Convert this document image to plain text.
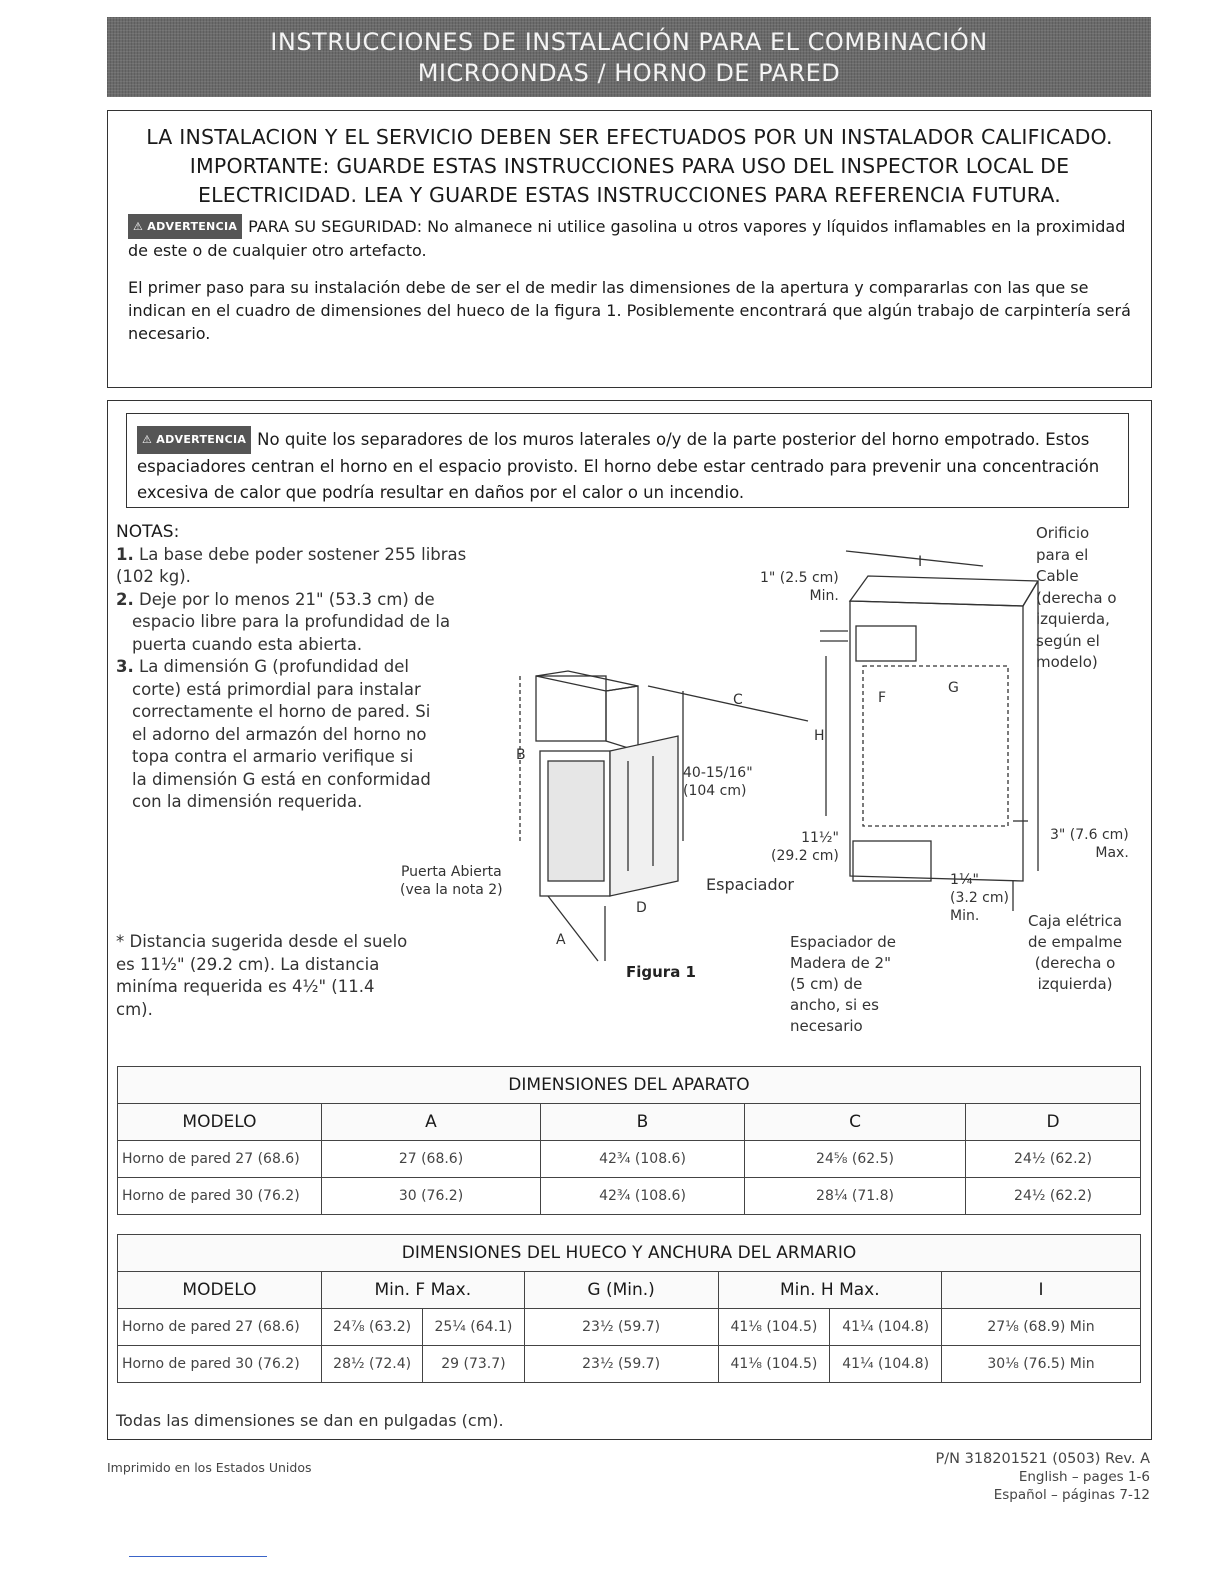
INSTRUCCIONES DE INSTALACIÓN PARA EL COMBINACIÓN
MICROONDAS / HORNO DE PARED
LA INSTALACION Y EL SERVICIO DEBEN SER EFECTUADOS POR UN INSTALADOR CALIFICADO. IMPORTANTE: GUARDE ESTAS INSTRUCCIONES PARA USO DEL INSPECTOR LOCAL DE ELECTRICIDAD. LEA Y GUARDE ESTAS INSTRUCCIONES PARA REFERENCIA FUTURA.
⚠ ADVERTENCIA PARA SU SEGURIDAD: No almanece ni utilice gasolina u otros vapores y líquidos inflamables en la proximidad de este o de cualquier otro artefacto.
El primer paso para su instalación debe de ser el de medir las dimensiones de la apertura y compararlas con las que se indican en el cuadro de dimensiones del hueco de la figura 1. Posiblemente encontrará que algún trabajo de carpintería será necesario.
⚠ ADVERTENCIA No quite los separadores de los muros laterales o/y de la parte posterior del horno empotrado. Estos espaciadores centran el horno en el espacio provisto. El horno debe estar centrado para prevenir una concentración excesiva de calor que podría resultar en daños por el calor o un incendio.
NOTAS:

1. La base debe poder sostener 255 libras (102 kg).

2. Deje por lo menos 21" (53.3 cm) de espacio libre para la profundidad de la puerta cuando esta abierta.

3. La dimensión G (profundidad del corte) está primordial para instalar correctamente el horno de pared. Si el adorno del armazón del horno no topa contra el armario verifique si la dimensión G está en conformidad con la dimensión requerida.

* Distancia sugerida desde el suelo es 11½" (29.2 cm). La distancia miníma requerida es 4½" (11.4 cm).
Puerta Abierta
(vea la nota 2)	Espaciador
40-15/16"
(104 cm)
1" (2.5 cm)
Min.
Orificio
para el
Cable
(derecha o
izquierda,
según el
modelo)
11½"
(29.2 cm)
3" (7.6 cm)
Max.
1¼"
(3.2 cm)
Min.
Espaciador de
Madera de 2"
(5 cm) de
ancho, si es
necesario
Caja elétrica
de empalme
(derecha o
izquierda)
B
C
D
A
F
G
H
I
Figura 1
DIMENSIONES DEL APARATO				
MODELO	A	B	C	D
Horno de pared 27 (68.6)	27 (68.6)	42¾ (108.6)	24⅝ (62.5)	24½ (62.2)
Horno de pared 30 (76.2)	30 (76.2)	42¾ (108.6)	28¼ (71.8)	24½ (62.2)
DIMENSIONES DEL HUECO Y ANCHURA DEL ARMARIO						
MODELO	Min. F Max.		G (Min.)	Min. H Max.		I
Horno de pared 27 (68.6)	24⅞ (63.2)	25¼ (64.1)	23½ (59.7)	41⅛ (104.5)	41¼ (104.8)	27⅛ (68.9) Min
Horno de pared 30 (76.2)	28½ (72.4)	29 (73.7)	23½ (59.7)	41⅛ (104.5)	41¼ (104.8)	30⅛ (76.5) Min
Todas las dimensiones se dan en pulgadas (cm).
Imprimido en los Estados Unidos
P/N 318201521 (0503) Rev. A
English – pages 1-6
Español – páginas 7-12
